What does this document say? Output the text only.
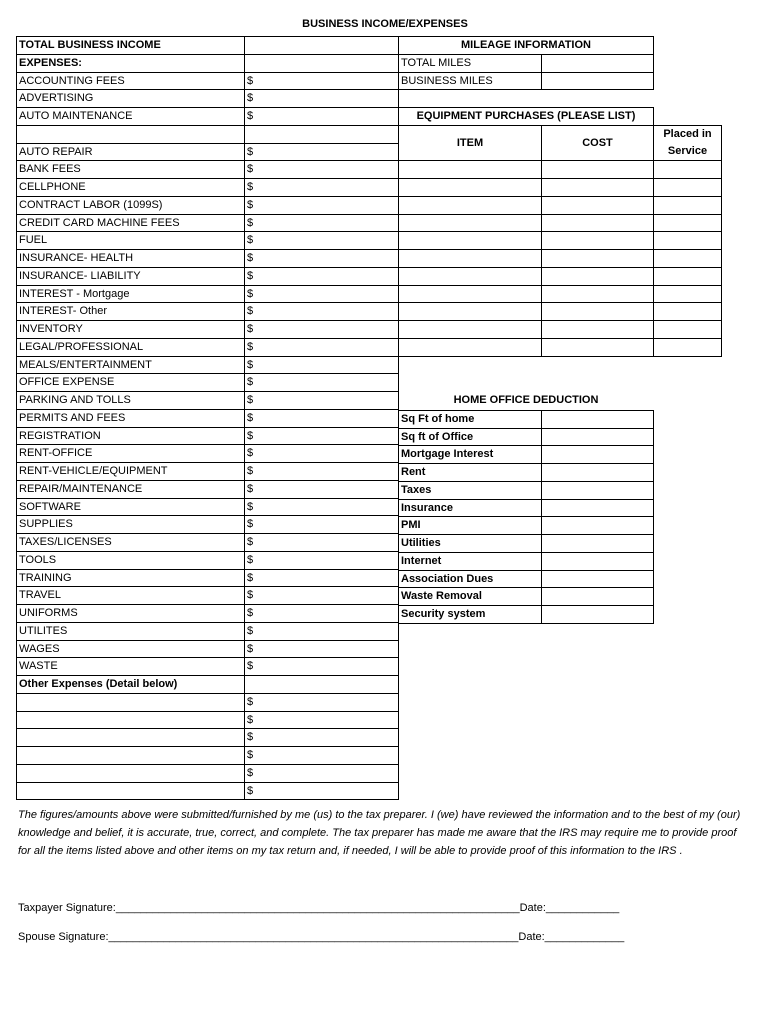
BUSINESS INCOME/EXPENSES
TOTAL BUSINESS INCOME
EXPENSES:
ACCOUNTING FEES	$
ADVERTISING	$
AUTO MAINTENANCE	$
AUTO REPAIR	$
BANK FEES	$
CELLPHONE	$
CONTRACT LABOR (1099S)	$
CREDIT CARD MACHINE FEES	$
FUEL	$
INSURANCE- HEALTH	$
INSURANCE- LIABILITY	$
INTEREST - Mortgage	$
INTEREST- Other	$
INVENTORY	$
LEGAL/PROFESSIONAL	$
MEALS/ENTERTAINMENT	$
OFFICE EXPENSE	$
PARKING AND TOLLS	$
PERMITS AND FEES	$
REGISTRATION	$
RENT-OFFICE	$
RENT-VEHICLE/EQUIPMENT	$
REPAIR/MAINTENANCE	$
SOFTWARE	$
SUPPLIES	$
TAXES/LICENSES	$
TOOLS	$
TRAINING	$
TRAVEL	$
UNIFORMS	$
UTILITES	$
WAGES	$
WASTE	$
Other Expenses (Detail below)
$
$
$
$
$
$
MILEAGE INFORMATION
TOTAL MILES
BUSINESS MILES
EQUIPMENT PURCHASES (PLEASE LIST)
ITEM	COST
Placed in
Service
HOME OFFICE DEDUCTION
Sq Ft of home
Sq ft of Office
Mortgage Interest
Rent
Taxes
Insurance
PMI
Utilities
Internet
Association Dues
Waste Removal
Security system
The figures/amounts above were submitted/furnished by me (us) to the tax preparer. I (we) have reviewed the information and to the best of my (our) knowledge and belief, it is accurate, true, correct, and complete. The tax preparer has made me aware that the IRS may require me to provide proof for all the items listed above and other items on my tax return and, if needed, I will be able to provide proof of this information to the IRS .
Taxpayer Signature:__________________________________________________________________Date:____________
Spouse Signature:___________________________________________________________________Date:_____________
